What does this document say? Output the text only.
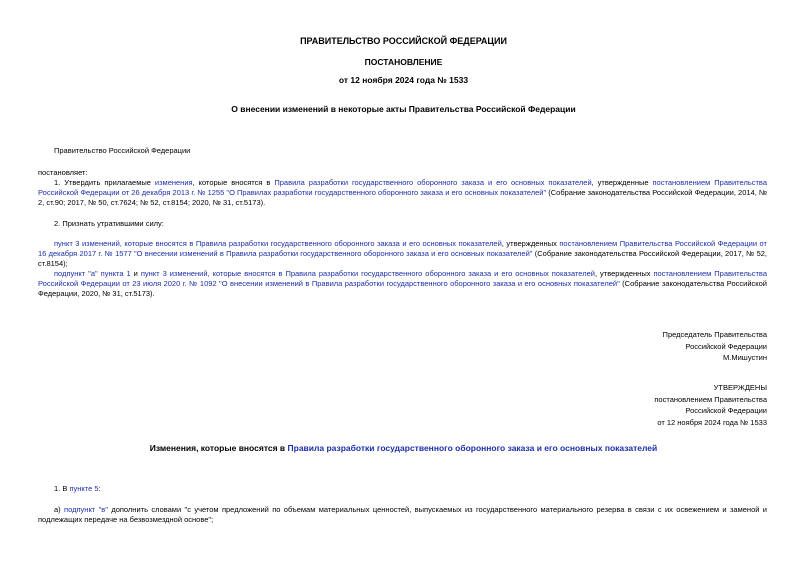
ПРАВИТЕЛЬСТВО РОССИЙСКОЙ ФЕДЕРАЦИИ
ПОСТАНОВЛЕНИЕ
от 12 ноября 2024 года № 1533
О внесении изменений в некоторые акты Правительства Российской Федерации
Правительство Российской Федерации
постановляет:
1. Утвердить прилагаемые изменения, которые вносятся в Правила разработки государственного оборонного заказа и его основных показателей, утвержденные постановлением Правительства Российской Федерации от 26 декабря 2013 г. № 1255 "О Правилах разработки государственного оборонного заказа и его основных показателей" (Собрание законодательства Российской Федерации, 2014, № 2, ст.90; 2017, № 50, ст.7624; № 52, ст.8154; 2020, № 31, ст.5173).
2. Признать утратившими силу:
пункт 3 изменений, которые вносятся в Правила разработки государственного оборонного заказа и его основных показателей, утвержденных постановлением Правительства Российской Федерации от 16 декабря 2017 г. № 1577 "О внесении изменений в Правила разработки государственного оборонного заказа и его основных показателей" (Собрание законодательства Российской Федерации, 2017, № 52, ст.8154);
подпункт "а" пункта 1 и пункт 3 изменений, которые вносятся в Правила разработки государственного оборонного заказа и его основных показателей, утвержденных постановлением Правительства Российской Федерации от 23 июля 2020 г. № 1092 "О внесении изменений в Правила разработки государственного оборонного заказа и его основных показателей" (Собрание законодательства Российской Федерации, 2020, № 31, ст.5173).
Председатель Правительства
Российской Федерации
М.Мишустин
УТВЕРЖДЕНЫ
постановлением Правительства
Российской Федерации
от 12 ноября 2024 года № 1533
Изменения, которые вносятся в Правила разработки государственного оборонного заказа и его основных показателей
1. В пункте 5:
а) подпункт "в" дополнить словами "с учетом предложений по объемам материальных ценностей, выпускаемых из государственного материального резерва в связи с их освежением и заменой и подлежащих передаче на безвозмездной основе";
